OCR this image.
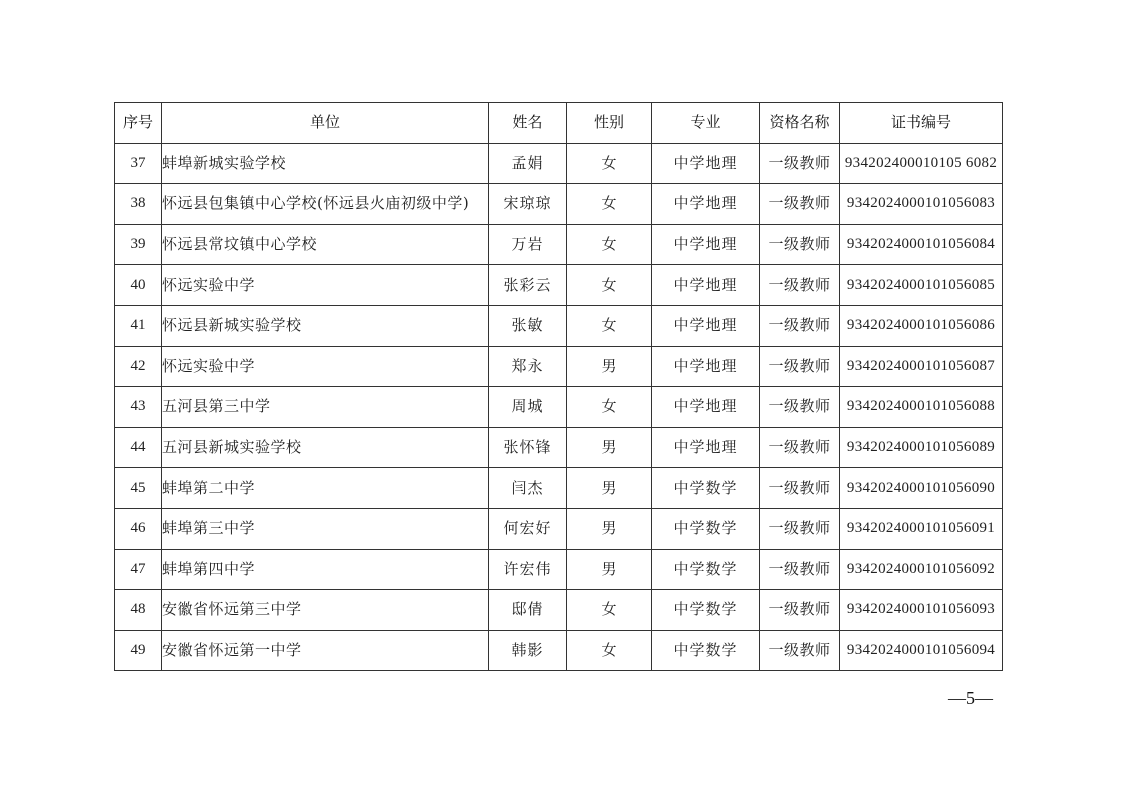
序号	单位	姓名	性别	专业	资格名称	证书编号
37	蚌埠新城实验学校	孟娟	女	中学地理	一级教师	934202400010105 6082
38	怀远县包集镇中心学校(怀远县火庙初级中学)	宋琼琼	女	中学地理	一级教师	9342024000101056083
39	怀远县常坟镇中心学校	万岩	女	中学地理	一级教师	9342024000101056084
40	怀远实验中学	张彩云	女	中学地理	一级教师	9342024000101056085
41	怀远县新城实验学校	张敏	女	中学地理	一级教师	9342024000101056086
42	怀远实验中学	郑永	男	中学地理	一级教师	9342024000101056087
43	五河县第三中学	周城	女	中学地理	一级教师	9342024000101056088
44	五河县新城实验学校	张怀锋	男	中学地理	一级教师	9342024000101056089
45	蚌埠第二中学	闫杰	男	中学数学	一级教师	9342024000101056090
46	蚌埠第三中学	何宏好	男	中学数学	一级教师	9342024000101056091
47	蚌埠第四中学	许宏伟	男	中学数学	一级教师	9342024000101056092
48	安徽省怀远第三中学	邸倩	女	中学数学	一级教师	9342024000101056093
49	安徽省怀远第一中学	韩影	女	中学数学	一级教师	9342024000101056094
—5—
